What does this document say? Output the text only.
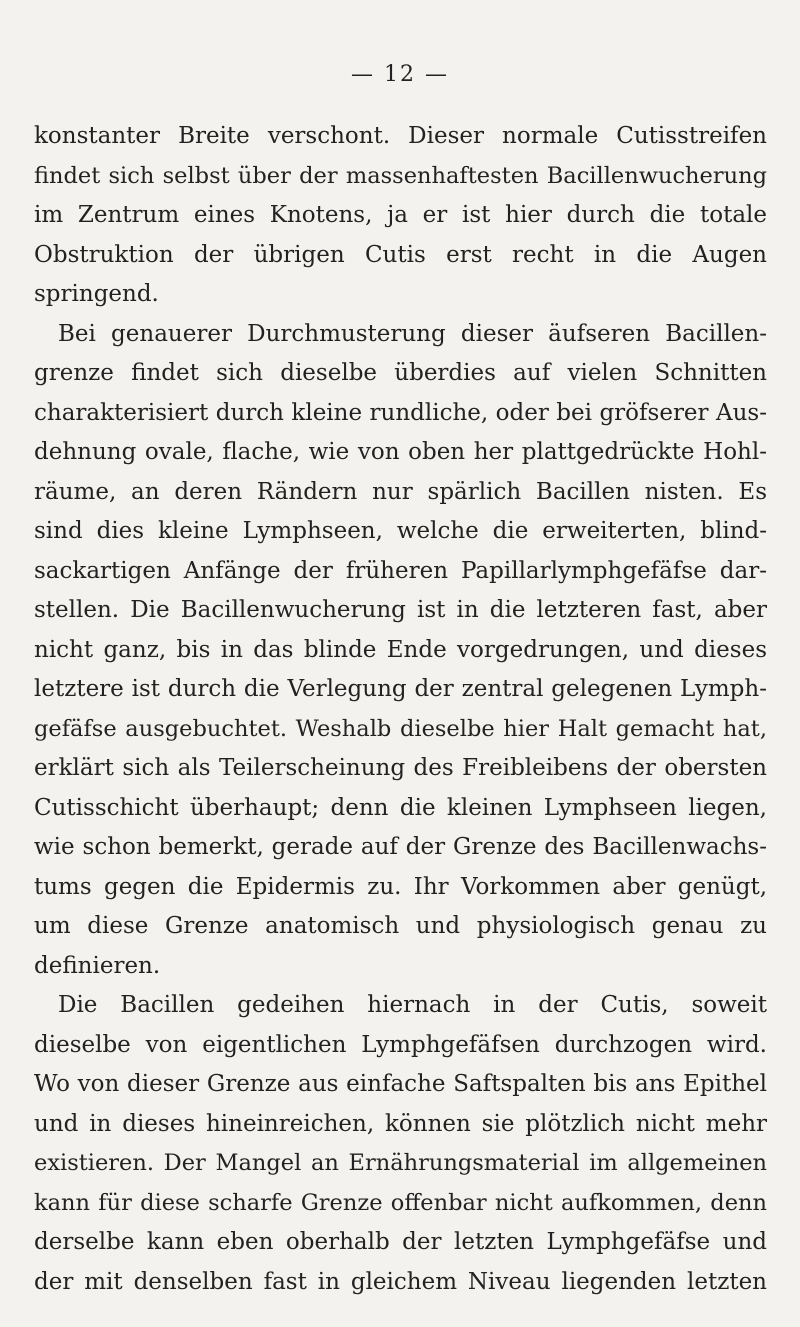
— 12 —
konstanter Breite verschont. Dieser normale Cutisstreifen
findet sich selbst über der massenhaftesten Bacillenwucherung
im Zentrum eines Knotens, ja er ist hier durch die totale
Obstruktion der übrigen Cutis erst recht in die Augen
springend.
Bei genauerer Durchmusterung dieser äufseren Bacillen-
grenze findet sich dieselbe überdies auf vielen Schnitten
charakterisiert durch kleine rundliche, oder bei gröfserer Aus-
dehnung ovale, flache, wie von oben her plattgedrückte Hohl-
räume, an deren Rändern nur spärlich Bacillen nisten. Es
sind dies kleine Lymphseen, welche die erweiterten, blind-
sackartigen Anfänge der früheren Papillarlymphgefäfse dar-
stellen. Die Bacillenwucherung ist in die letzteren fast, aber
nicht ganz, bis in das blinde Ende vorgedrungen, und dieses
letztere ist durch die Verlegung der zentral gelegenen Lymph-
gefäfse ausgebuchtet. Weshalb dieselbe hier Halt gemacht hat,
erklärt sich als Teilerscheinung des Freibleibens der obersten
Cutisschicht überhaupt; denn die kleinen Lymphseen liegen,
wie schon bemerkt, gerade auf der Grenze des Bacillenwachs-
tums gegen die Epidermis zu. Ihr Vorkommen aber genügt,
um diese Grenze anatomisch und physiologisch genau zu
definieren.
Die Bacillen gedeihen hiernach in der Cutis, soweit
dieselbe von eigentlichen Lymphgefäfsen durchzogen wird.
Wo von dieser Grenze aus einfache Saftspalten bis ans Epithel
und in dieses hineinreichen, können sie plötzlich nicht mehr
existieren. Der Mangel an Ernährungsmaterial im allgemeinen
kann für diese scharfe Grenze offenbar nicht aufkommen, denn
derselbe kann eben oberhalb der letzten Lymphgefäfse und
der mit denselben fast in gleichem Niveau liegenden letzten
